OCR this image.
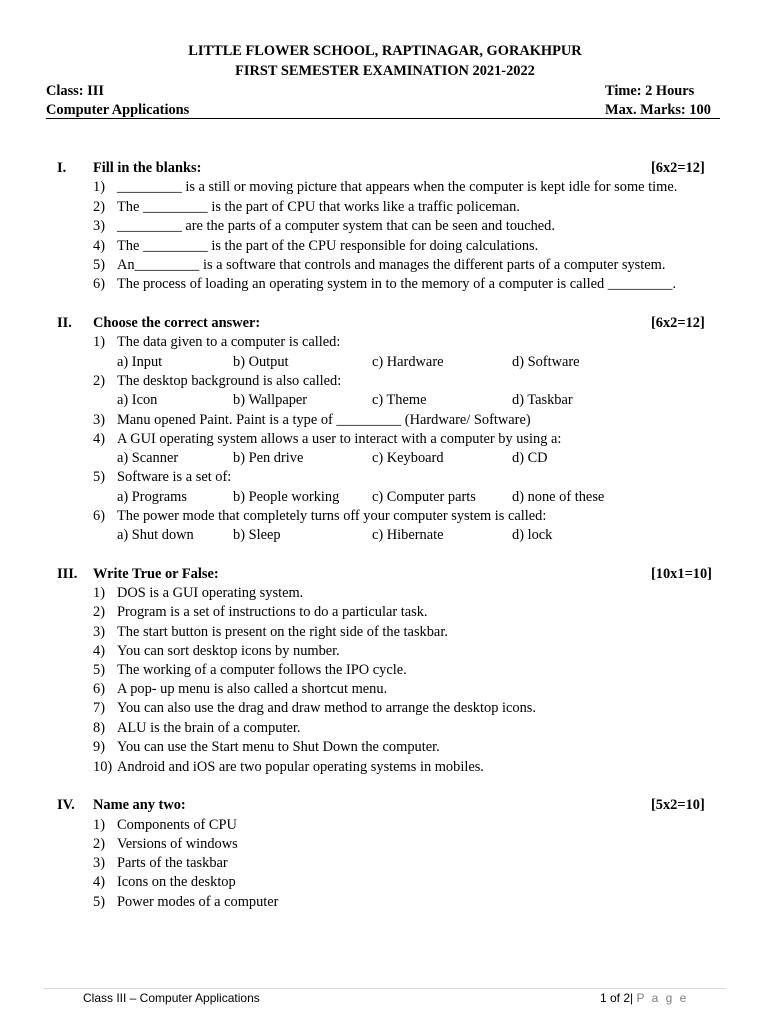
LITTLE FLOWER SCHOOL, RAPTINAGAR, GORAKHPUR
FIRST SEMESTER EXAMINATION 2021-2022
Class: III	Time: 2 Hours
Computer Applications	Max. Marks: 100
I. Fill in the blanks:	[6x2=12]
1) _________ is a still or moving picture that appears when the computer is kept idle for some time.
2) The _________ is the part of CPU that works like a traffic policeman.
3) _________ are the parts of a computer system that can be seen and touched.
4) The _________ is the part of the CPU responsible for doing calculations.
5) An_________ is a software that controls and manages the different parts of a computer system.
6) The process of loading an operating system in to the memory of a computer is called _________.
II. Choose the correct answer:	[6x2=12]
1) The data given to a computer is called:
a) Input	b) Output	c) Hardware	d) Software
2) The desktop background is also called:
a) Icon	b) Wallpaper	c) Theme	d) Taskbar
3) Manu opened Paint. Paint is a type of _________ (Hardware/ Software)
4) A GUI operating system allows a user to interact with a computer by using a:
a) Scanner	b) Pen drive	c) Keyboard	d) CD
5) Software is a set of:
a) Programs	b) People working c) Computer parts	d) none of these
6) The power mode that completely turns off your computer system is called:
a) Shut down	b) Sleep	c) Hibernate	d) lock
III. Write True or False:	[10x1=10]
1) DOS is a GUI operating system.
2) Program is a set of instructions to do a particular task.
3) The start button is present on the right side of the taskbar.
4) You can sort desktop icons by number.
5) The working of a computer follows the IPO cycle.
6) A pop- up menu is also called a shortcut menu.
7) You can also use the drag and draw method to arrange the desktop icons.
8) ALU is the brain of a computer.
9) You can use the Start menu to Shut Down the computer.
10) Android and iOS are two popular operating systems in mobiles.
IV. Name any two:	[5x2=10]
1) Components of CPU
2) Versions of windows
3) Parts of the taskbar
4) Icons on the desktop
5) Power modes of a computer
Class III – Computer Applications	1 of 2| P a g e
